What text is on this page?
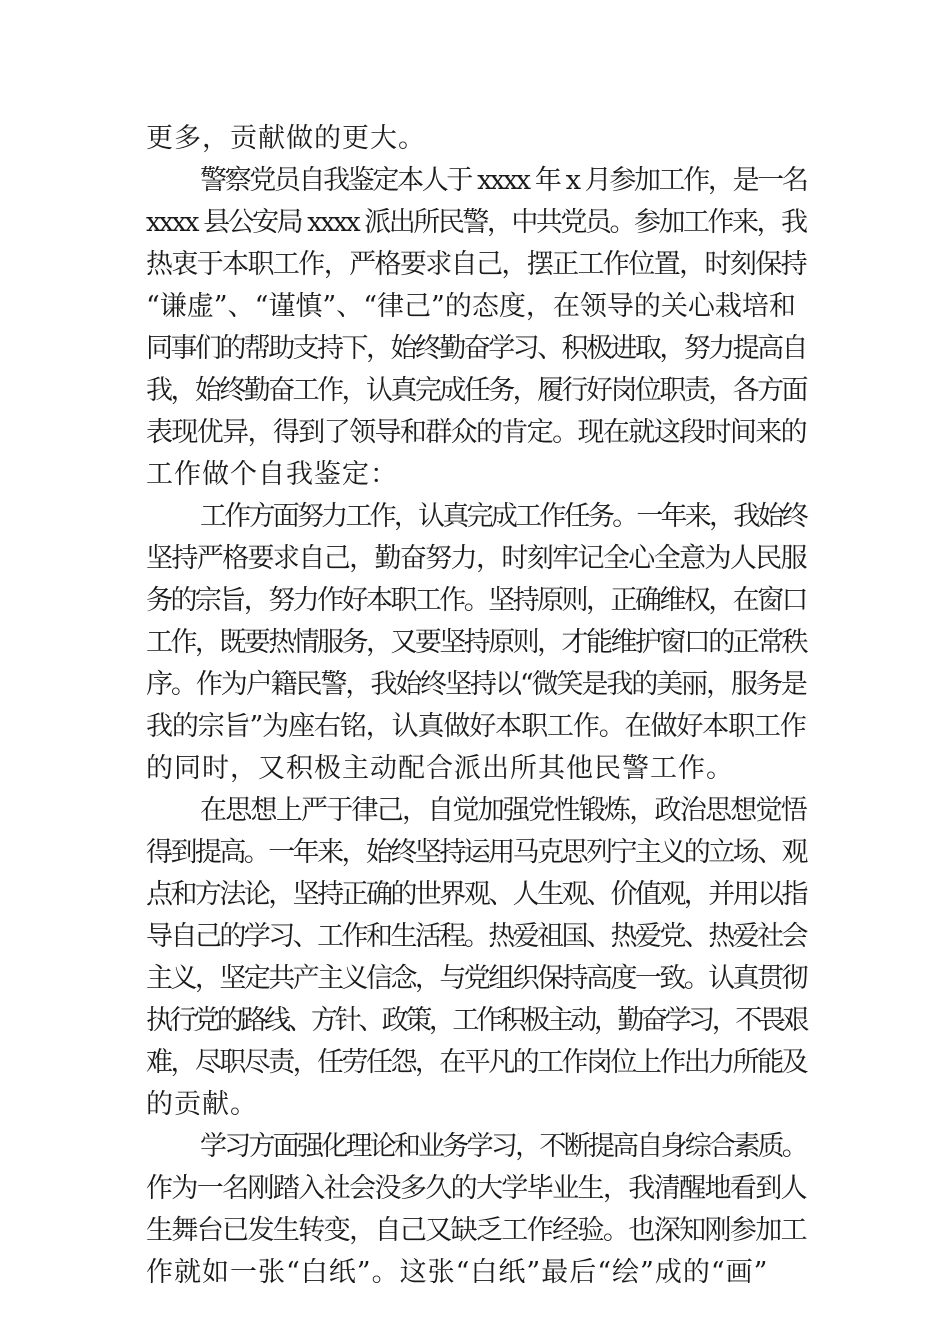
更多，贡献做的更大。
警察党员自我鉴定本人于 xxxx 年 x 月参加工作，是一名
xxxx 县公安局 xxxx 派出所民警，中共党员。参加工作来，我
热衷于本职工作，严格要求自己，摆正工作位置，时刻保持
“谦虚”、“谨慎”、“律己”的态度，在领导的关心栽培和
同事们的帮助支持下，始终勤奋学习、积极进取，努力提高自
我，始终勤奋工作，认真完成任务，履行好岗位职责，各方面
表现优异，得到了领导和群众的肯定。现在就这段时间来的
工作做个自我鉴定：
工作方面努力工作，认真完成工作任务。一年来，我始终
坚持严格要求自己，勤奋努力，时刻牢记全心全意为人民服
务的宗旨，努力作好本职工作。坚持原则，正确维权，在窗口
工作，既要热情服务，又要坚持原则，才能维护窗口的正常秩
序。作为户籍民警，我始终坚持以“微笑是我的美丽，服务是
我的宗旨”为座右铭，认真做好本职工作。在做好本职工作
的同时，又积极主动配合派出所其他民警工作。
在思想上严于律己，自觉加强党性锻炼，政治思想觉悟
得到提高。一年来，始终坚持运用马克思列宁主义的立场、观
点和方法论，坚持正确的世界观、人生观、价值观，并用以指
导自己的学习、工作和生活程。热爱祖国、热爱党、热爱社会
主义，坚定共产主义信念，与党组织保持高度一致。认真贯彻
执行党的路线、方针、政策，工作积极主动，勤奋学习，不畏艰
难，尽职尽责，任劳任怨，在平凡的工作岗位上作出力所能及
的贡献。
学习方面强化理论和业务学习，不断提高自身综合素质。
作为一名刚踏入社会没多久的大学毕业生，我清醒地看到人
生舞台已发生转变，自己又缺乏工作经验。也深知刚参加工
作就如一张“白纸”。这张“白纸”最后“绘”成的“画”
